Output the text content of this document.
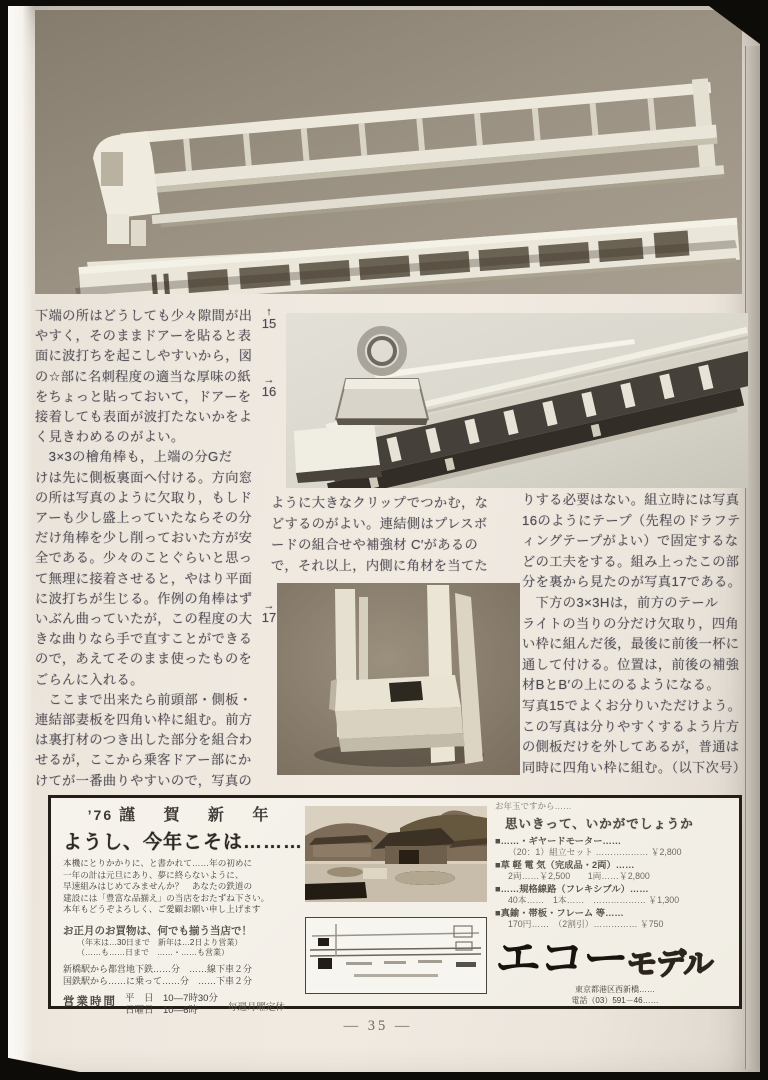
↑
15
→
16
→
17
下端の所はどうしても少々隙間が出
やすく，そのままドアーを貼ると表
面に波打ちを起こしやすいから，図
の☆部に名刺程度の適当な厚味の紙
をちょっと貼っておいて，ドアーを
接着しても表面が波打たないかをよ
く見きわめるのがよい。
　3×3の檜角棒も，上端の分Gだ
けは先に側板裏面へ付ける。方向窓
の所は写真のように欠取り，もしド
アーも少し盛上っていたならその分
だけ角棒を少し削っておいた方が安
全である。少々のことぐらいと思っ
て無理に接着させると，やはり平面
に波打ちが生じる。作例の角棒はず
いぶん曲っていたが，この程度の大
きな曲りなら手で直すことができる
ので，あえてそのまま使ったものを
ごらんに入れる。
　ここまで出来たら前頭部・側板・
連結部妻板を四角い枠に組む。前方
は裏打材のつき出した部分を組合わ
せるが，ここから乗客ドアー部にか
けてが一番曲りやすいので，写真の
ように大きなクリップでつかむ，な
どするのがよい。連結側はプレスボ
ードの組合せや補強材 C′があるの
で，それ以上，内側に角材を当てた
りする必要はない。組立時には写真
16のようにテープ（先程のドラフテ
ィングテープがよい）で固定するな
どの工夫をする。組み上ったこの部
分を裏から見たのが写真17である。
　下方の3×3Hは，前方のテール
ライトの当りの分だけ欠取り，四角
い枠に組んだ後，最後に前後一杯に
通して付ける。位置は，前後の補強
材BとB′の上にのるようになる。
写真15でよくお分りいただけよう。
この写真は分りやすくするよう片方
の側板だけを外してあるが，普通は
同時に四角い枠に組む。（以下次号）
’76 謹 賀 新 年
ようし、今年こそは………
本機にとりかかりに、と書かれて……年の初めに
一年の計は元旦にあり、夢に終らないように、
早速組みはじめてみませんか？　あなたの鉄道の
建設には「豊富な品揃え」の当店をおたずね下さい。
本年もどうぞよろしく、ご愛顧お願い申し上げます
お正月のお買物は、何でも揃う当店で！
（年末は…30日まで　新年は…2日より営業）
（……も……日まで　……・……も営業）
新橋駅から都営地下鉄……分　……線下車２分
国鉄駅から……に乗って……分　……下車２分
営業時間 平　日　10—7時30分
日曜日　10—6時	毎週月曜定休
お年玉ですから……
思いきって、いかがでしょうか
■……・ギヤードモーター……
（20：1）組立セット ……………… ￥2,800
■草 軽 電 気（完成品・2両）……
2両……￥2,500　　1両……￥2,800
■……規格線路（フレキシブル）……
40本……　1本……　……………… ￥1,300
■真鍮・帯板・フレーム 等……
170円……　（2割引）…………… ￥750
エコーモデル
東京都港区西新橋……
電話（03）591－46……
— 35 —
